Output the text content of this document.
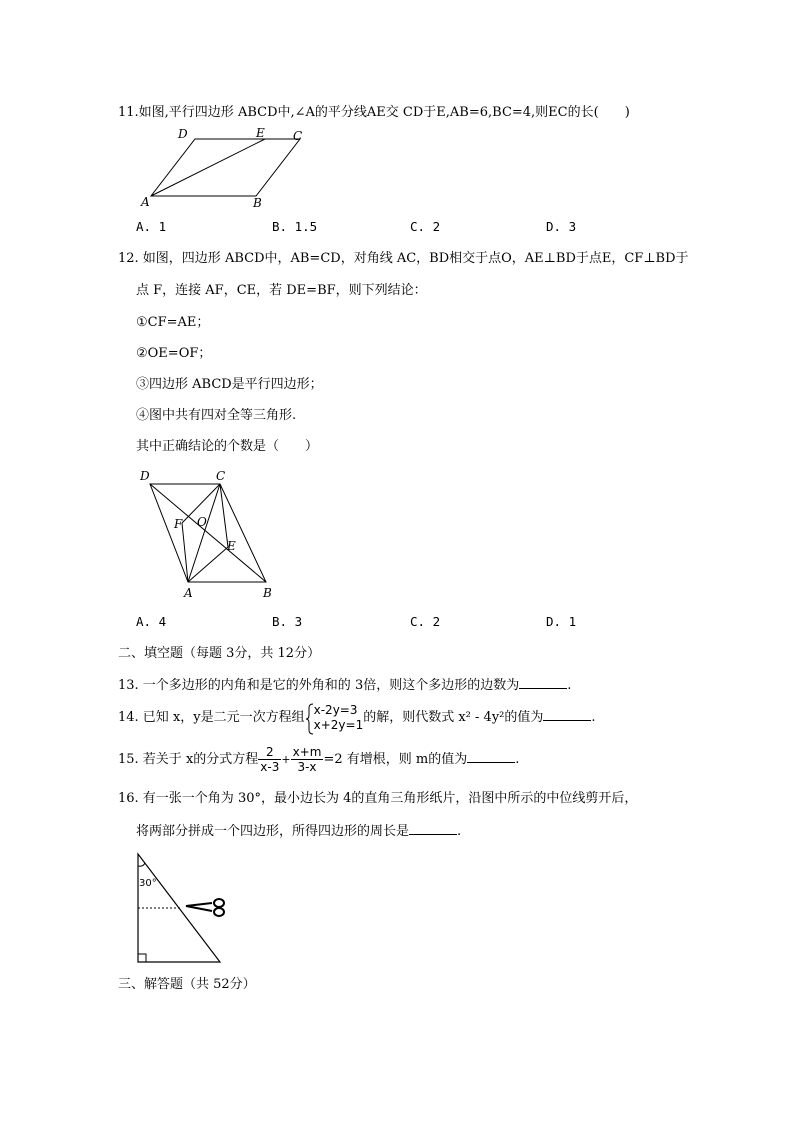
11.如图,平行四边形 ABCD中,∠A的平分线AE交 CD于E,AB=6,BC=4,则EC的长(　　)
D	E C
A	B
A. 1	B. 1.5	C. 2	D. 3
12. 如图，四边形 ABCD中，AB=CD，对角线 AC，BD相交于点O，AE⊥BD于点E，CF⊥BD于
点 F，连接 AF，CE，若 DE=BF，则下列结论：
①CF=AE；
②OE=OF；
③四边形 ABCD是平行四边形；
④图中共有四对全等三角形.
其中正确结论的个数是（　　）
D	C
F O
E
A	B
A. 4	B. 3	C. 2	D. 1
二、填空题（每题 3分，共 12分）
13. 一个多边形的内角和是它的外角和的 3倍，则这个多边形的边数为	.
14. 已知 x，y是二元一次方程组
x-2y=3
x+2y=1 的解，则代数式 x² - 4y²的值为	.
15. 若关于 x的分式方程 $\frac{2}{x-3} + \frac{x+m}{3-x} =2$ 有增根，则 m的值为	.
16. 有一张一个角为 30°，最小边长为 4的直角三角形纸片，沿图中所示的中位线剪开后，
将两部分拼成一个四边形，所得四边形的周长是	.
30°
三、解答题（共 52分）
